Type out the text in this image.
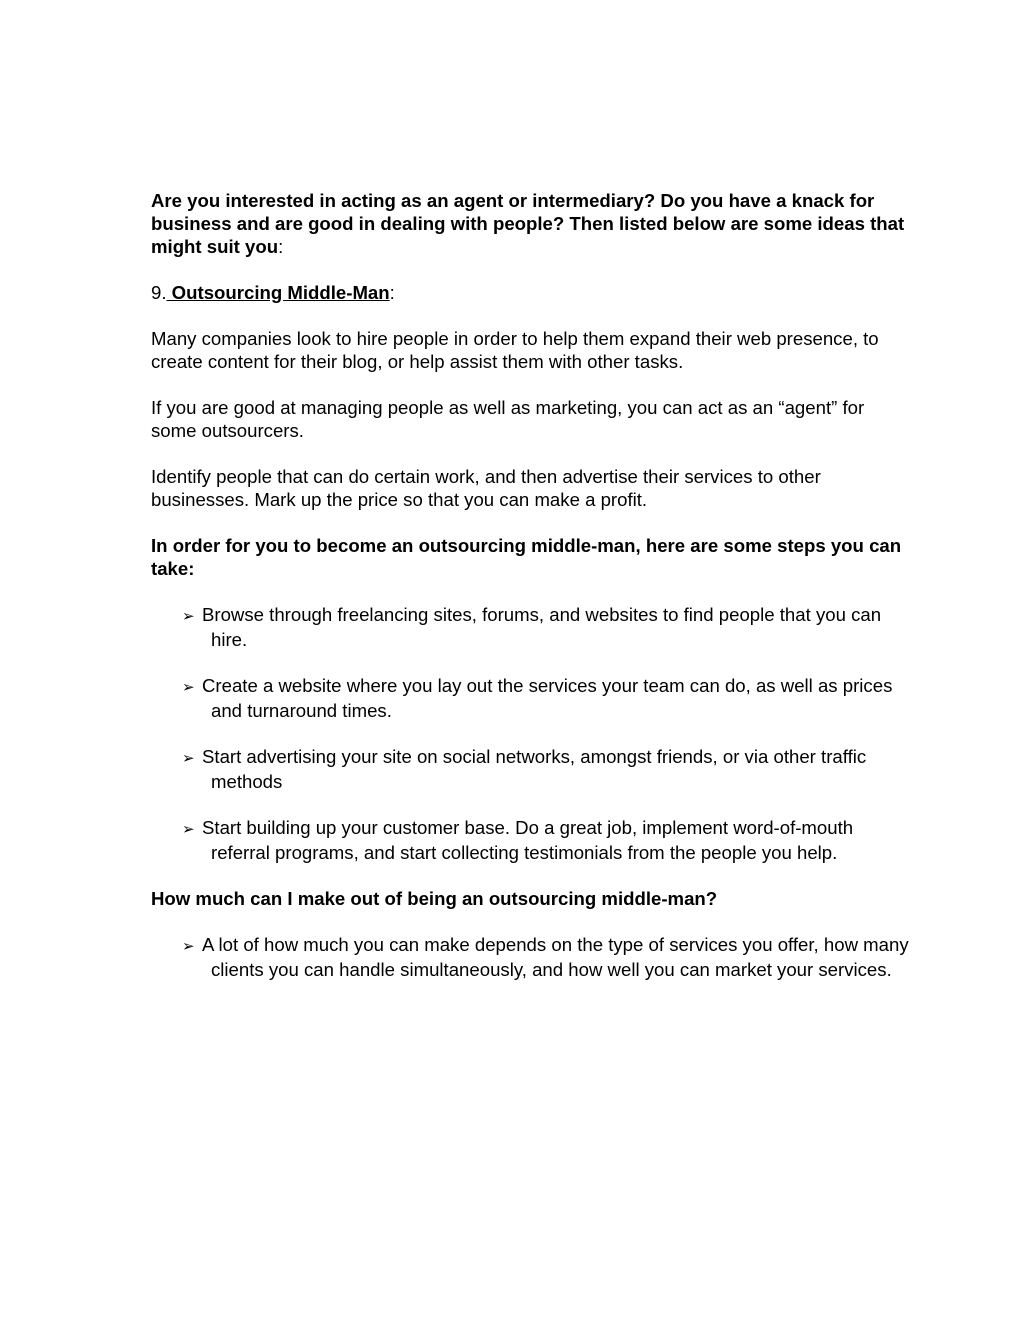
Are you interested in acting as an agent or intermediary? Do you have a knack for business and are good in dealing with people? Then listed below are some ideas that might suit you:

9. Outsourcing Middle-Man:

Many companies look to hire people in order to help them expand their web presence, to create content for their blog, or help assist them with other tasks.

If you are good at managing people as well as marketing, you can act as an “agent” for some outsourcers.

Identify people that can do certain work, and then advertise their services to other businesses. Mark up the price so that you can make a profit.

In order for you to become an outsourcing middle-man, here are some steps you can take:

➢ Browse through freelancing sites, forums, and websites to find people that you can hire.
➢ Create a website where you lay out the services your team can do, as well as prices and turnaround times.
➢ Start advertising your site on social networks, amongst friends, or via other traffic methods
➢ Start building up your customer base. Do a great job, implement word-of-mouth referral programs, and start collecting testimonials from the people you help.

How much can I make out of being an outsourcing middle-man?

➢ A lot of how much you can make depends on the type of services you offer, how many clients you can handle simultaneously, and how well you can market your services.
